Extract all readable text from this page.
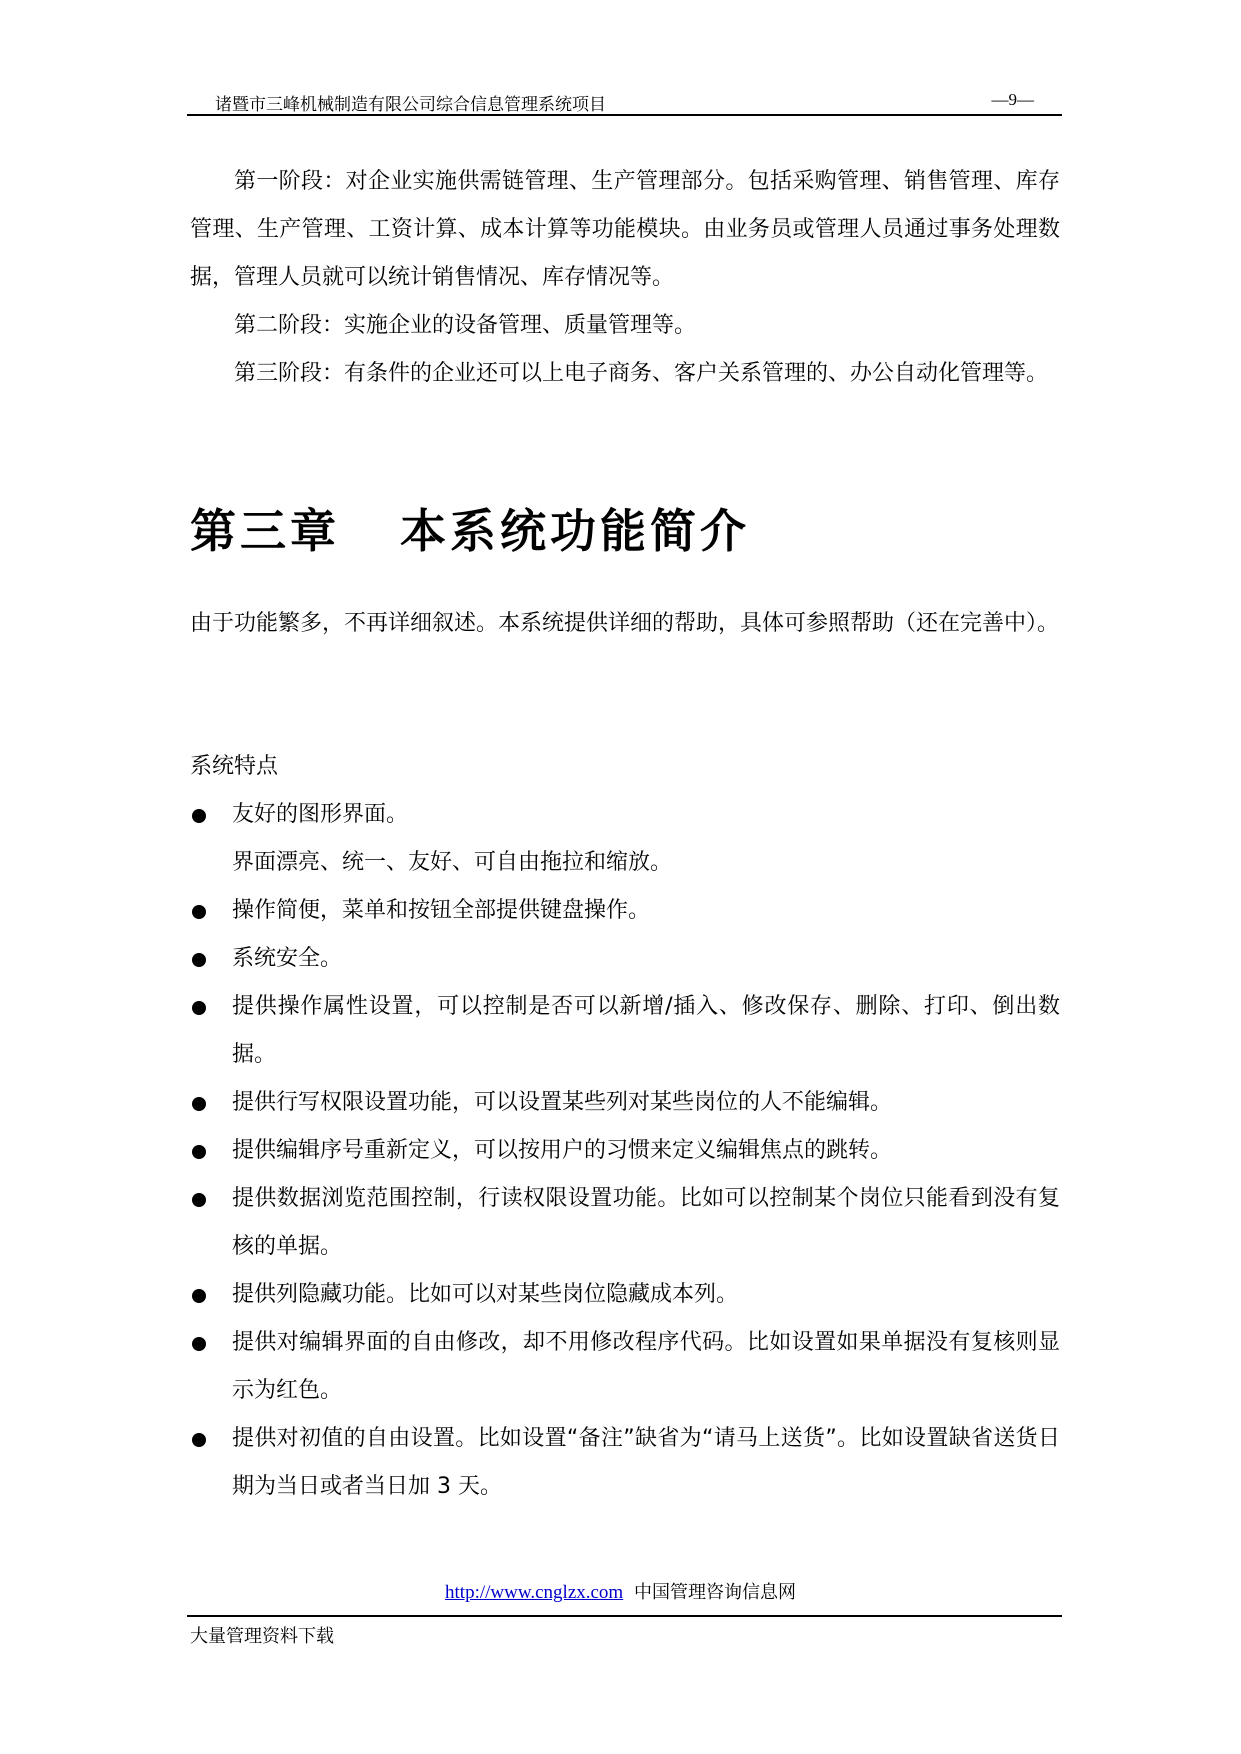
诸暨市三峰机械制造有限公司综合信息管理系统项目	—9—

第一阶段：对企业实施供需链管理、生产管理部分。包括采购管理、销售管理、库存管理、生产管理、工资计算、成本计算等功能模块。由业务员或管理人员通过事务处理数据，管理人员就可以统计销售情况、库存情况等。

第二阶段：实施企业的设备管理、质量管理等。

第三阶段：有条件的企业还可以上电子商务、客户关系管理的、办公自动化管理等。

第三章   本系统功能简介

由于功能繁多，不再详细叙述。本系统提供详细的帮助，具体可参照帮助（还在完善中）。

系统特点

友好的图形界面。
界面漂亮、统一、友好、可自由拖拉和缩放。
操作简便，菜单和按钮全部提供键盘操作。
系统安全。
提供操作属性设置，可以控制是否可以新增/插入、修改保存、删除、打印、倒出数据。
提供行写权限设置功能，可以设置某些列对某些岗位的人不能编辑。
提供编辑序号重新定义，可以按用户的习惯来定义编辑焦点的跳转。
提供数据浏览范围控制，行读权限设置功能。比如可以控制某个岗位只能看到没有复核的单据。
提供列隐藏功能。比如可以对某些岗位隐藏成本列。
提供对编辑界面的自由修改，却不用修改程序代码。比如设置如果单据没有复核则显示为红色。
提供对初值的自由设置。比如设置“备注”缺省为“请马上送货”。比如设置缺省送货日期为当日或者当日加 3 天。
http://www.cnglzx.com 中国管理咨询信息网
大量管理资料下载
